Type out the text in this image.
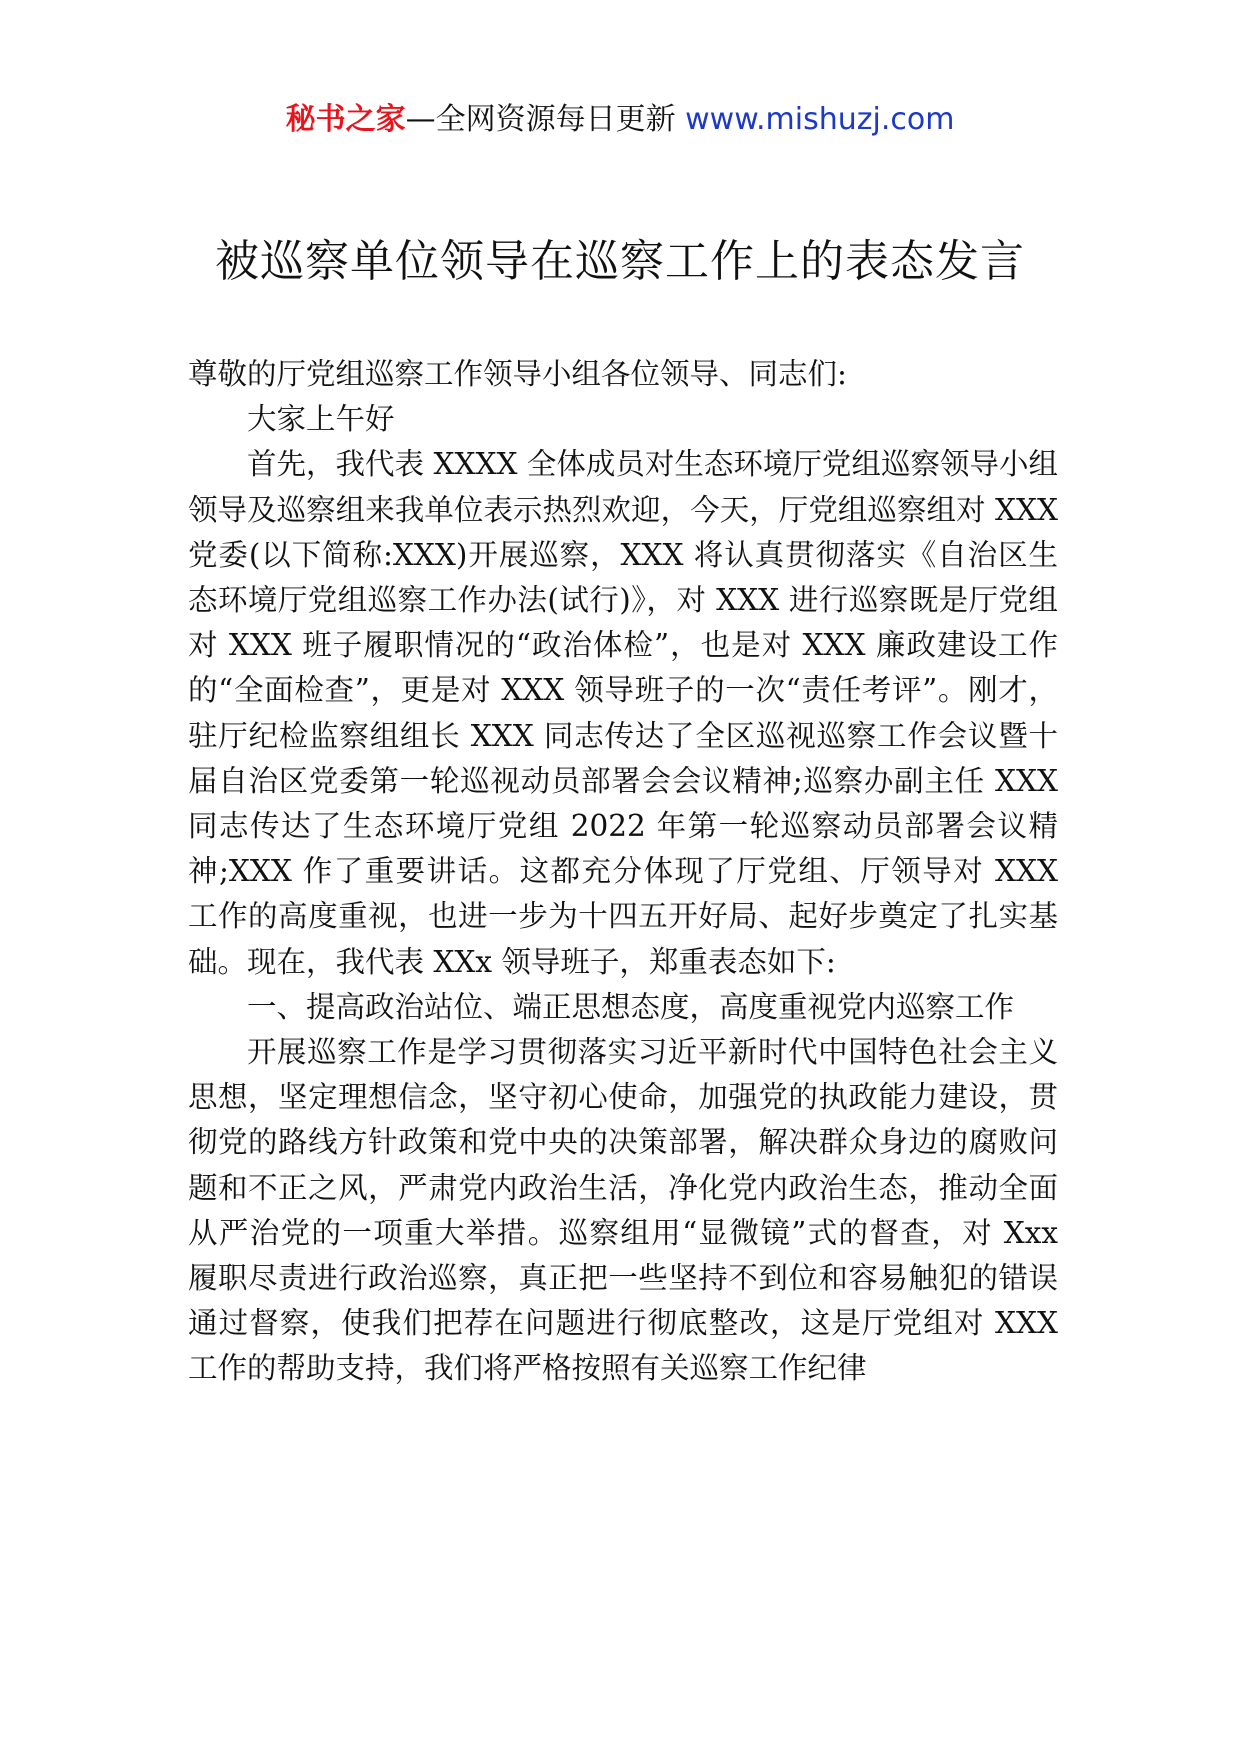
秘书之家—全网资源每日更新 www.mishuzj.com
被巡察单位领导在巡察工作上的表态发言

尊敬的厅党组巡察工作领导小组各位领导、同志们:

大家上午好

首先，我代表 XXXX 全体成员对生态环境厅党组巡察领导小组领导及巡察组来我单位表示热烈欢迎，今天，厅党组巡察组对 XXX 党委(以下简称:XXX)开展巡察，XXX 将认真贯彻落实《自治区生态环境厅党组巡察工作办法(试行)》，对 XXX 进行巡察既是厅党组对 XXX 班子履职情况的“政治体检”，也是对 XXX 廉政建设工作的“全面检查”，更是对 XXX 领导班子的一次“责任考评”。刚才，驻厅纪检监察组组长 XXX 同志传达了全区巡视巡察工作会议暨十届自治区党委第一轮巡视动员部署会会议精神;巡察办副主任 XXX 同志传达了生态环境厅党组 2022 年第一轮巡察动员部署会议精神;XXX 作了重要讲话。这都充分体现了厅党组、厅领导对 XXX 工作的高度重视，也进一步为十四五开好局、起好步奠定了扎实基础。现在，我代表 XXx 领导班子，郑重表态如下:

一、提高政治站位、端正思想态度，高度重视党内巡察工作

开展巡察工作是学习贯彻落实习近平新时代中国特色社会主义思想，坚定理想信念，坚守初心使命，加强党的执政能力建设，贯彻党的路线方针政策和党中央的决策部署，解决群众身边的腐败问题和不正之风，严肃党内政治生活，净化党内政治生态，推动全面从严治党的一项重大举措。巡察组用“显微镜”式的督查，对 Xxx 履职尽责进行政治巡察，真正把一些坚持不到位和容易触犯的错误通过督察，使我们把荐在问题进行彻底整改，这是厅党组对 XXX 工作的帮助支持，我们将严格按照有关巡察工作纪律
